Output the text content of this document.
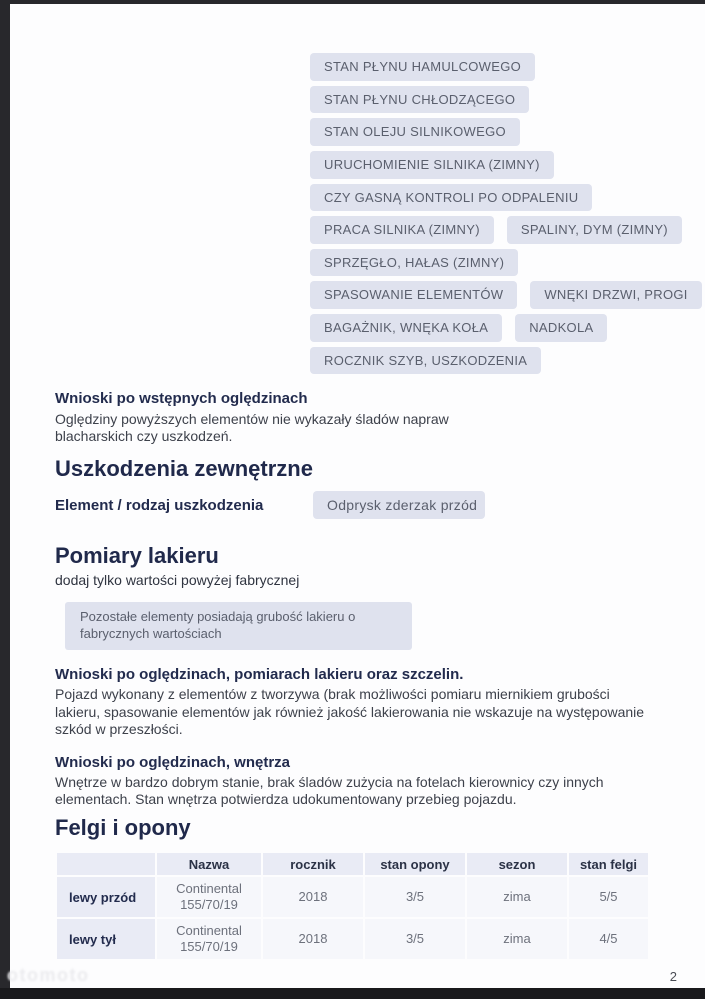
STAN PŁYNU HAMULCOWEGO
STAN PŁYNU CHŁODZĄCEGO
STAN OLEJU SILNIKOWEGO
URUCHOMIENIE SILNIKA (ZIMNY)
CZY GASNĄ KONTROLI PO ODPALENIU
PRACA SILNIKA (ZIMNY)	SPALINY, DYM (ZIMNY)
SPRZĘGŁO, HAŁAS (ZIMNY)
SPASOWANIE ELEMENTÓW	WNĘKI DRZWI, PROGI
BAGAŻNIK, WNĘKA KOŁA	NADKOLA
ROCZNIK SZYB, USZKODZENIA
Wnioski po wstępnych oględzinach

Oględziny powyższych elementów nie wykazały śladów napraw blacharskich czy uszkodzeń.

Uszkodzenia zewnętrzne
Element / rodzaj uszkodzenia	Odprysk zderzak przód
Pomiary lakieru
dodaj tylko wartości powyżej fabrycznej
Pozostałe elementy posiadają grubość lakieru o fabrycznych wartościach
Wnioski po oględzinach, pomiarach lakieru oraz szczelin.

Pojazd wykonany z elementów z tworzywa (brak możliwości pomiaru miernikiem grubości lakieru, spasowanie elementów jak również jakość lakierowania nie wskazuje na występowanie szkód w przeszłości.

Wnioski po oględzinach, wnętrza

Wnętrze w bardzo dobrym stanie, brak śladów zużycia na fotelach kierownicy czy innych elementach. Stan wnętrza potwierdza udokumentowany przebieg pojazdu.

Felgi i opony
	Nazwa	rocznik	stan opony	sezon	stan felgi
lewy przód	Continental 155/70/19	2018	3/5	zima	5/5
lewy tył	Continental 155/70/19	2018	3/5	zima	4/5
2
otomoto
